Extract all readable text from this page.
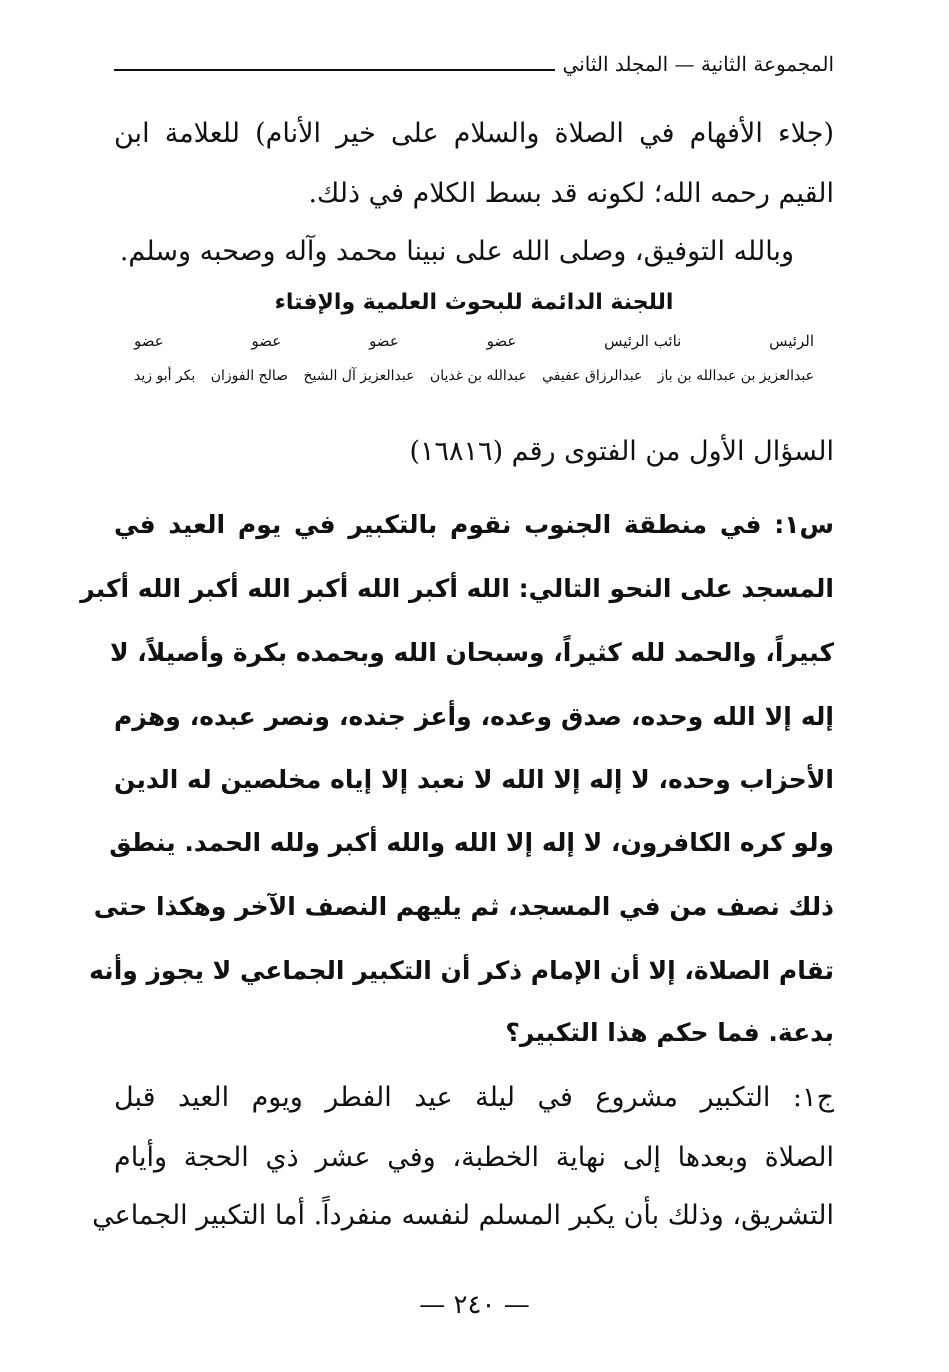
المجموعة الثانية — المجلد الثاني
(جلاء الأفهام في الصلاة والسلام على خير الأنام) للعلامة ابن
القيم رحمه الله؛ لكونه قد بسط الكلام في ذلك.
وبالله التوفيق، وصلى الله على نبينا محمد وآله وصحبه وسلم.
اللجنة الدائمة للبحوث العلمية والإفتاء
الرئيس
نائب الرئيس
عضو
عضو
عضو
عضو
عبدالعزيز بن عبدالله بن باز
عبدالرزاق عفيفي
عبدالله بن غديان
عبدالعزيز آل الشيخ
صالح الفوزان
بكر أبو زيد
السؤال الأول من الفتوى رقم (١٦٨١٦)
س١: في منطقة الجنوب نقوم بالتكبير في يوم العيد في
المسجد على النحو التالي: الله أكبر الله أكبر الله أكبر الله أكبر
كبيراً، والحمد لله كثيراً، وسبحان الله وبحمده بكرة وأصيلاً، لا
إله إلا الله وحده، صدق وعده، وأعز جنده، ونصر عبده، وهزم
الأحزاب وحده، لا إله إلا الله لا نعبد إلا إياه مخلصين له الدين
ولو كره الكافرون، لا إله إلا الله والله أكبر ولله الحمد. ينطق
ذلك نصف من في المسجد، ثم يليهم النصف الآخر وهكذا حتى
تقام الصلاة، إلا أن الإمام ذكر أن التكبير الجماعي لا يجوز وأنه
بدعة. فما حكم هذا التكبير؟
ج١: التكبير مشروع في ليلة عيد الفطر ويوم العيد قبل
الصلاة وبعدها إلى نهاية الخطبة، وفي عشر ذي الحجة وأيام
التشريق، وذلك بأن يكبر المسلم لنفسه منفرداً. أما التكبير الجماعي
— ٢٤٠ —
